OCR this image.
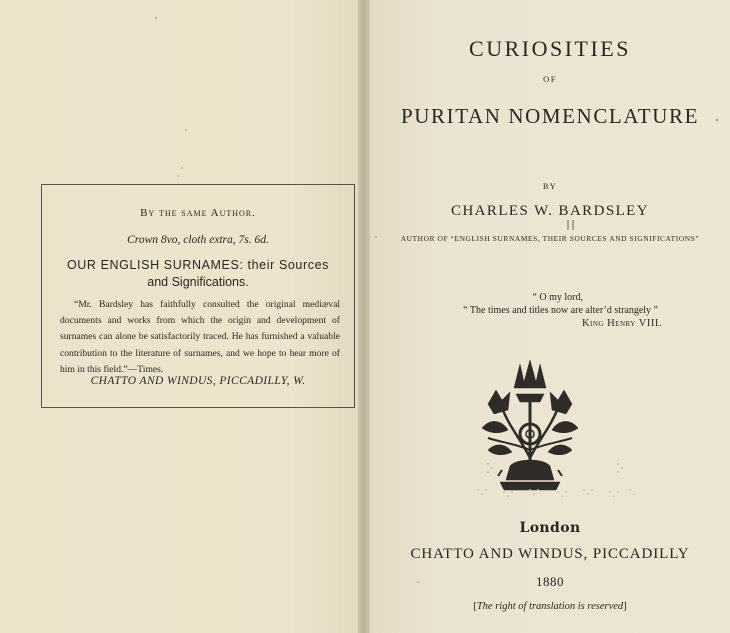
By the same Author.
Crown 8vo, cloth extra, 7s. 6d.
OUR ENGLISH SURNAMES: their Sources
and Significations.

“Mr. Bardsley has faithfully consulted the original mediæval documents and works from which the origin and development of surnames can alone be satisfactorily traced. He has furnished a valuable contribution to the literature of surnames, and we hope to hear more of him in this field.”—Times.

CHATTO AND WINDUS, PICCADILLY, W.
CURIOSITIES
OF
PURITAN NOMENCLATURE
BY
CHARLES W. BARDSLEY
AUTHOR OF “ENGLISH SURNAMES, THEIR SOURCES AND SIGNIFICATIONS”
“ O my lord,
“ The times and titles now are alter’d strangely ”
King Henry VIII.
London
CHATTO AND WINDUS, PICCADILLY
1880
[The right of translation is reserved]
